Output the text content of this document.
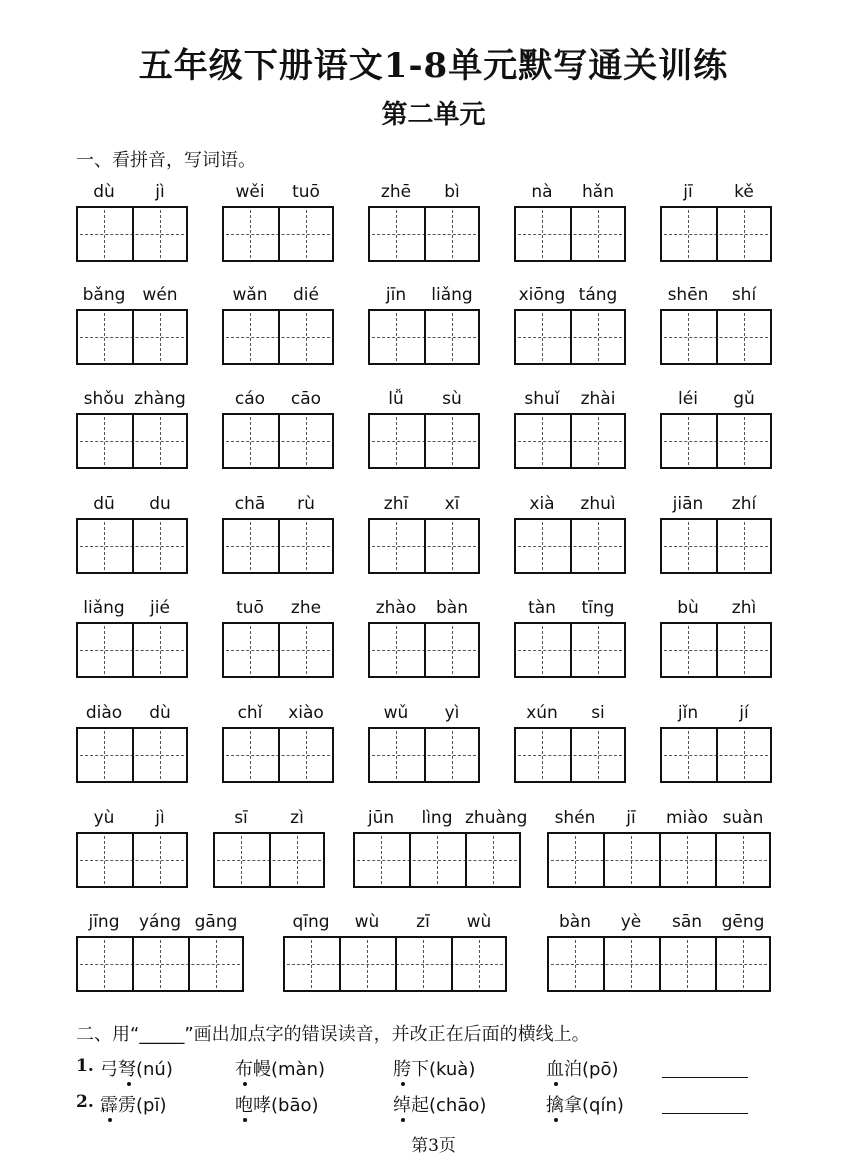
五年级下册语文1-8单元默写通关训练
第二单元
一、看拼音，写词语。
dù	jì	wěi	tuō	zhē	bì	nà	hǎn	jī	kě
bǎng	wén	wǎn	dié	jīn	liǎng	xiōng táng	shēn	shí
shǒu zhàng	cáo	cāo	lǚ	sù	shuǐ	zhài	léi	gǔ
dū	du	chā	rù	zhī	xī	xià	zhuì	jiān	zhí
liǎng	jié	tuō	zhe	zhào	bàn	tàn	tīng	bù	zhì
diào	dù	chǐ	xiào	wǔ	yì	xún	si	jǐn	jí
yù	jì	sī	zì	jūn	lìng zhuàng	shén	jī	miào suàn
jīng	yáng gāng	qīng	wù	zī	wù	bàn	yè	sān	gēng
二、用“_____”画出加点字的错误读音，并改正在后面的横线上。
1. 弓弩(nú)	布幔(màn)	胯下(kuà)	血泊(pō)
2. 霹雳(pī)	咆哮(bāo)	绰起(chāo)	擒拿(qín)
第3页
